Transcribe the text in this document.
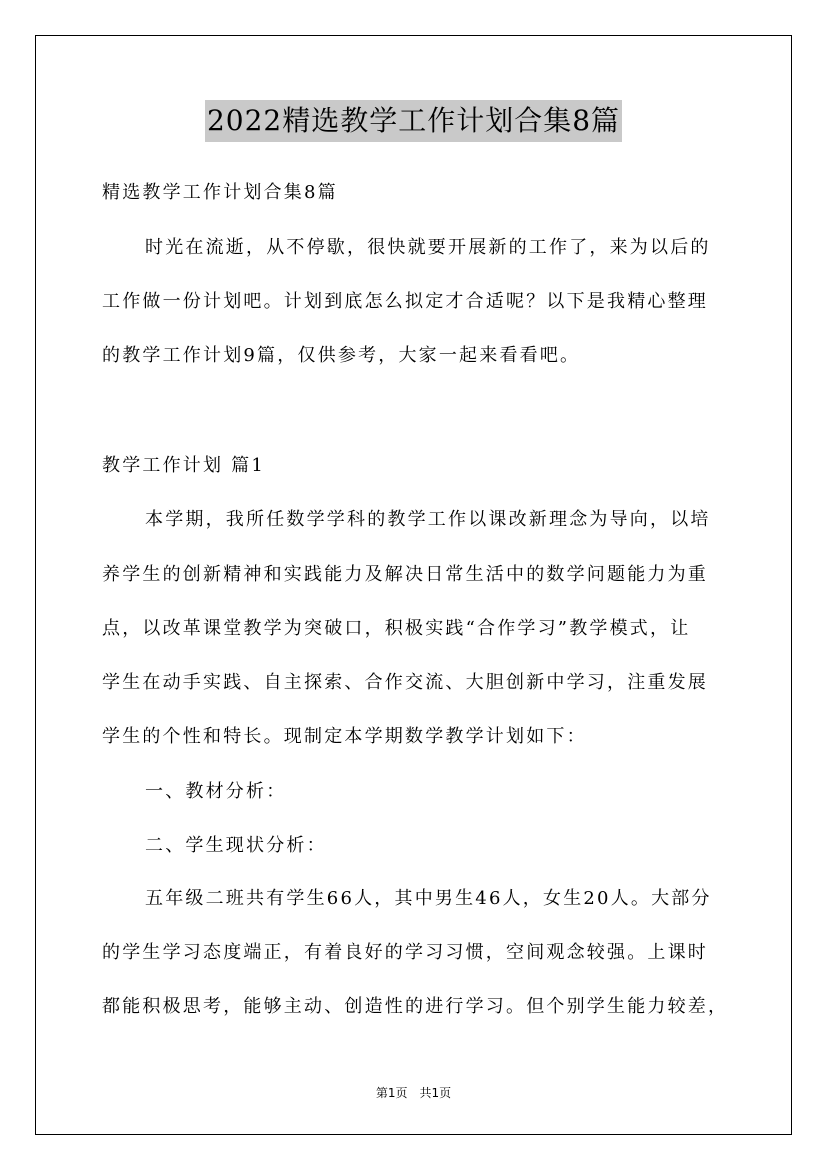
2022精选教学工作计划合集8篇
精选教学工作计划合集8篇
时光在流逝，从不停歇，很快就要开展新的工作了，来为以后的
工作做一份计划吧。计划到底怎么拟定才合适呢？以下是我精心整理
的教学工作计划9篇，仅供参考，大家一起来看看吧。
教学工作计划 篇1
本学期，我所任数学学科的教学工作以课改新理念为导向，以培
养学生的创新精神和实践能力及解决日常生活中的数学问题能力为重
点，以改革课堂教学为突破口，积极实践“合作学习”教学模式，让
学生在动手实践、自主探索、合作交流、大胆创新中学习，注重发展
学生的个性和特长。现制定本学期数学教学计划如下：
一、教材分析：
二、学生现状分析：
五年级二班共有学生66人，其中男生46人，女生20人。大部分
的学生学习态度端正，有着良好的学习习惯，空间观念较强。上课时
都能积极思考，能够主动、创造性的进行学习。但个别学生能力较差，
第1页　共1页
